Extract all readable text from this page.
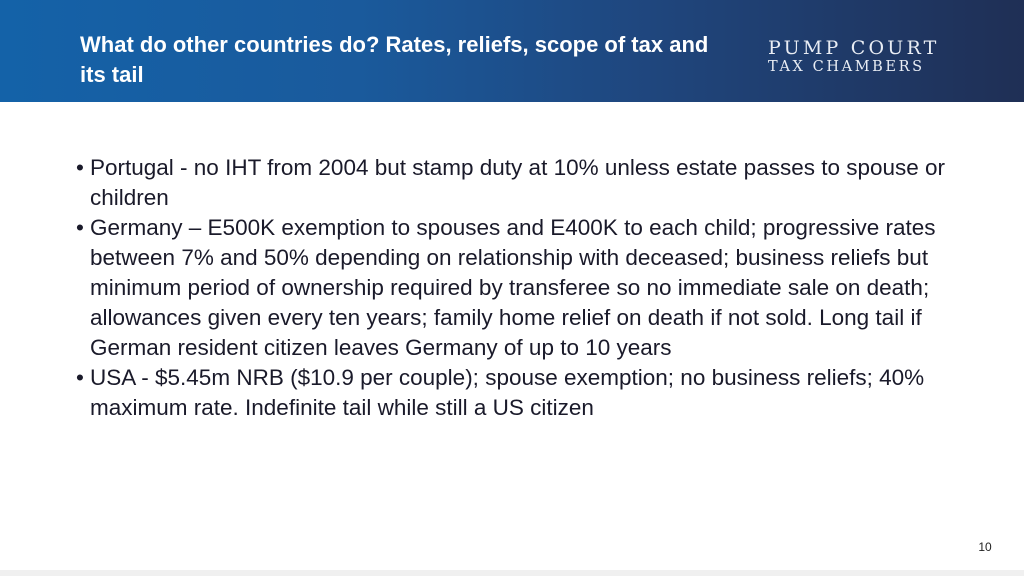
What do other countries do? Rates, reliefs, scope of tax and its tail
PUMP COURT
TAX CHAMBERS

• Portugal - no IHT from 2004 but stamp duty at 10% unless estate passes to spouse or children

• Germany – E500K exemption to spouses and E400K to each child; progressive rates between 7% and 50% depending on relationship with deceased; business reliefs but minimum period of ownership required by transferee so no immediate sale on death; allowances given every ten years; family home relief on death if not sold. Long tail if German resident citizen leaves Germany of up to 10 years

• USA - $5.45m NRB ($10.9 per couple); spouse exemption; no business reliefs; 40% maximum rate. Indefinite tail while still a US citizen

10
